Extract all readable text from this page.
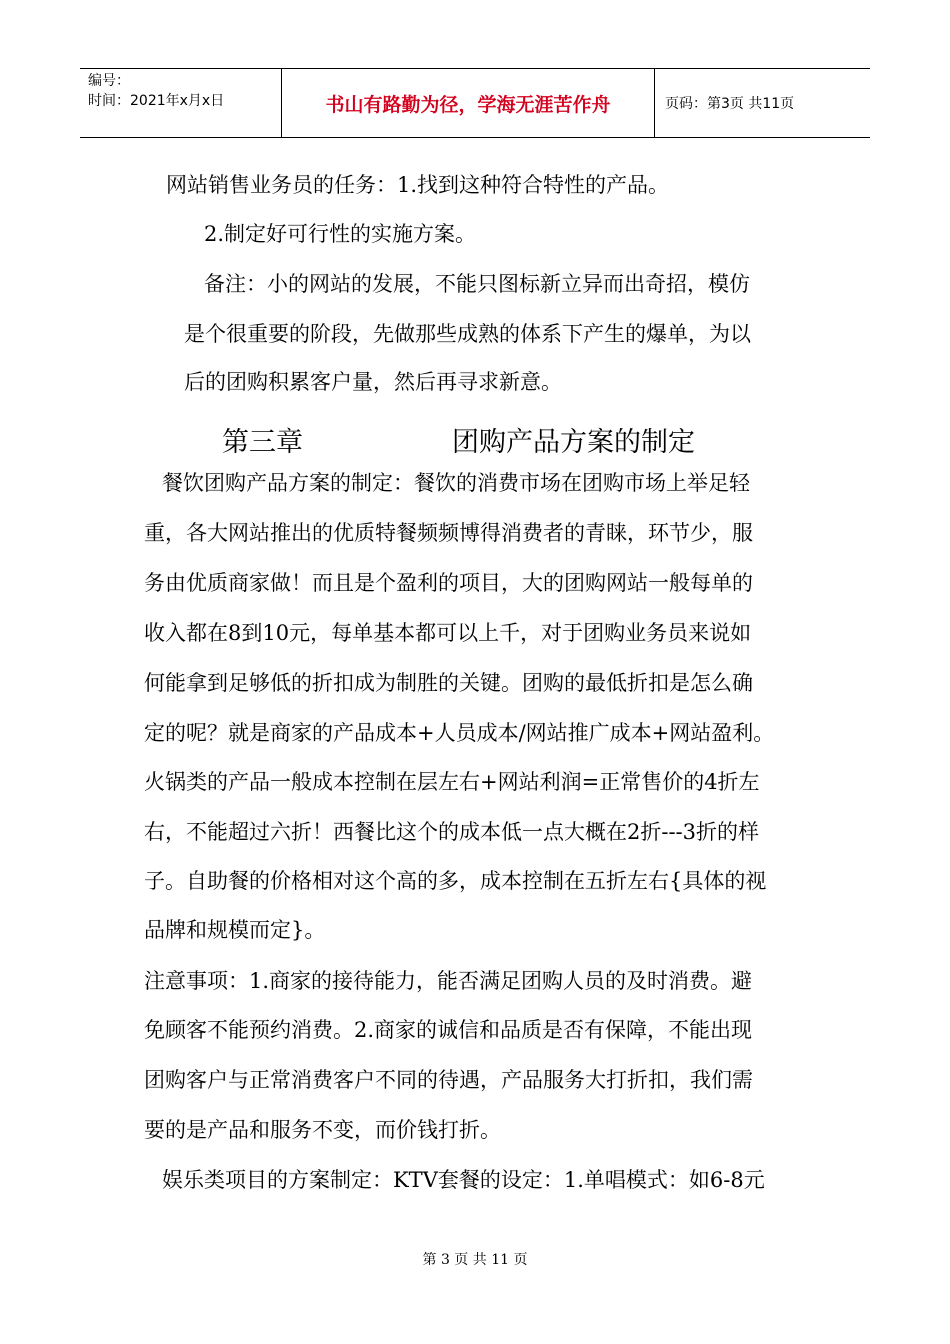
编号：
时间：2021年x月x日	书山有路勤为径，学海无涯苦作舟	页码：第3页 共11页
网站销售业务员的任务：1.找到这种符合特性的产品。
2.制定好可行性的实施方案。
备注：小的网站的发展，不能只图标新立异而出奇招，模仿
是个很重要的阶段，先做那些成熟的体系下产生的爆单，为以
后的团购积累客户量，然后再寻求新意。
第三章	团购产品方案的制定
餐饮团购产品方案的制定：餐饮的消费市场在团购市场上举足轻
重，各大网站推出的优质特餐频频博得消费者的青睐，环节少，服
务由优质商家做！而且是个盈利的项目，大的团购网站一般每单的
收入都在8到10元，每单基本都可以上千，对于团购业务员来说如
何能拿到足够低的折扣成为制胜的关键。团购的最低折扣是怎么确
定的呢？就是商家的产品成本+人员成本/网站推广成本+网站盈利。
火锅类的产品一般成本控制在层左右+网站利润=正常售价的4折左
右，不能超过六折！西餐比这个的成本低一点大概在2折---3折的样
子。自助餐的价格相对这个高的多，成本控制在五折左右{具体的视
品牌和规模而定}。
注意事项：1.商家的接待能力，能否满足团购人员的及时消费。避
免顾客不能预约消费。2.商家的诚信和品质是否有保障，不能出现
团购客户与正常消费客户不同的待遇，产品服务大打折扣，我们需
要的是产品和服务不变，而价钱打折。
娱乐类项目的方案制定：KTV套餐的设定：1.单唱模式：如6-8元
第 3 页 共 11 页
